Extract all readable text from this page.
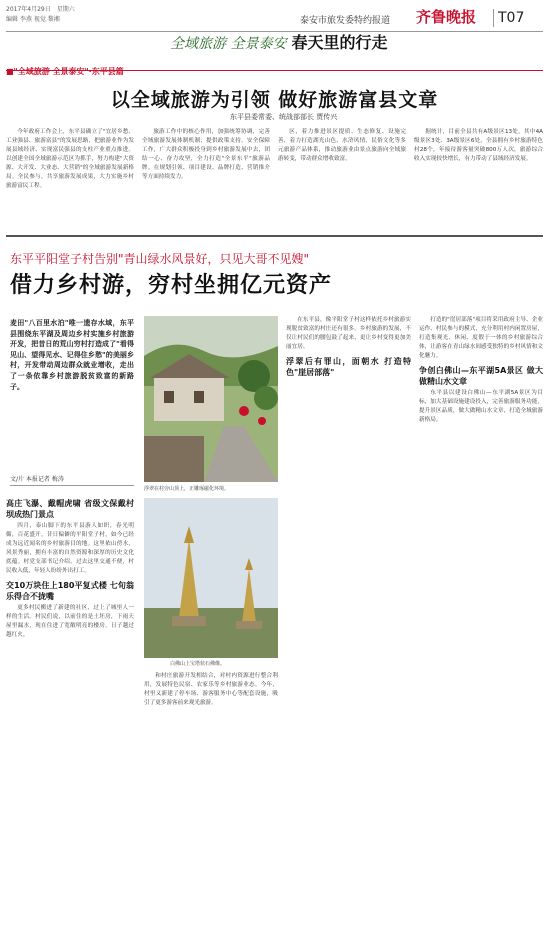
2017年4月29日　星期六
编辑 李燕 视觉 黎湘	泰安市旅发委特约报道 齐鲁晚报	T07
全域旅游 全景泰安 春天里的行走
■"全域旅游 全景泰安"·东平县篇
以全域旅游为引领 做好旅游富县文章
东平县委常委、统战部部长 贾传兴

今年政府工作会上，东平县确立了"宜居乡愁、工业强县、旅游富县"的发展思路，把旅游业作为发展县域经济、实现富民强县的支柱产业重点推进。以创建全国全域旅游示范区为抓手，努力构建"大资源、大开发、大业态、大营销"的全域旅游发展新格局。全民参与，共享旅游发展成果，大力实施乡村旅游富民工程。

旅游工作中的核心作用，加强统筹协调，完善全域旅游发展体制机制；提供政策支持，安全保障工作，广大群众积极投身到乡村旅游发展中去，团结一心、奋力攻坚，全力打造"全景东平"旅游品牌。在规划引领、项目建设、品牌打造、营销推介等方面持续发力。

区，着力推进景区提质、生态修复、设施完善，着力打造湖光山色、水浒风情、民俗文化等多元旅游产品体系，推动旅游业由景点旅游向全域旅游转变，带动群众增收致富。

据统计，目前全县共有A级景区13处，其中4A级景区3处、3A级景区6处，全县拥有乡村旅游特色村28个，年接待游客量突破800万人次，旅游综合收入实现较快增长，有力带动了县域经济发展。

东平平阳堂子村告别"青山绿水风景好，只见大哥不见嫂"
借力乡村游，穷村坐拥亿元资产
麦田"八百里水泊"唯一遗存水域，东平县围绕东平湖及周边乡村实施乡村旅游开发，把昔日的荒山穷村打造成了"看得见山、望得见水、记得住乡愁"的美丽乡村，开发带动周边群众就业增收，走出了一条依靠乡村旅游脱贫致富的新路子。
文/片 本报记者 梅涛
高庄飞瀑、戴帽虎啸 省级文保戴村坝成热门景点

四月，泰山脚下的东平县游人如织，春光明媚，百花盛开。昔日偏僻的平阳堂子村，如今已经成为远近闻名的乡村旅游目的地。这里依山傍水，风景秀丽，拥有丰富的自然资源和深厚的历史文化底蕴。村党支部书记介绍，过去这里交通不便，村民收入低，年轻人纷纷外出打工。

交10万块住上180平复式楼 七旬翁乐得合不拢嘴

更多村民搬进了新建的社区，过上了城里人一样的生活。村民们说，以前住的是土坯房，下雨天屋里漏水，现在住进了宽敞明亮的楼房，日子越过越红火。

浮翠在村旁山顶上，正雕琢磁化环境。
白佛山上宝塔状石佛像。

和村庄旅游开发相结合，对村内资源进行整合利用，发展特色民宿、农家乐等乡村旅游业态。今年，村里又新建了停车场、游客服务中心等配套设施，吸引了更多游客前来观光旅游。

在东平县，像平阳堂子村这样依托乡村旅游实现脱贫致富的村庄还有很多。乡村旅游的发展，不仅让村民们的腰包鼓了起来，更让乡村变得更加美丽宜居。

浮翠后有罪山，面朝水 打造特色"崖居部落"

打造的"崖居部落"项目将采用政府主导、企业运作、村民参与的模式，充分利用村内闲置房屋，打造集观光、休闲、度假于一体的乡村旅游综合体，让游客在青山绿水间感受独特的乡村风情和文化魅力。

争创白佛山—东平湖5A景区 做大做精山水文章

东平县以建设白佛山—东平湖5A景区为目标，加大基础设施建设投入，完善旅游服务功能，提升景区品质，做大做精山水文章，打造全域旅游新格局。
